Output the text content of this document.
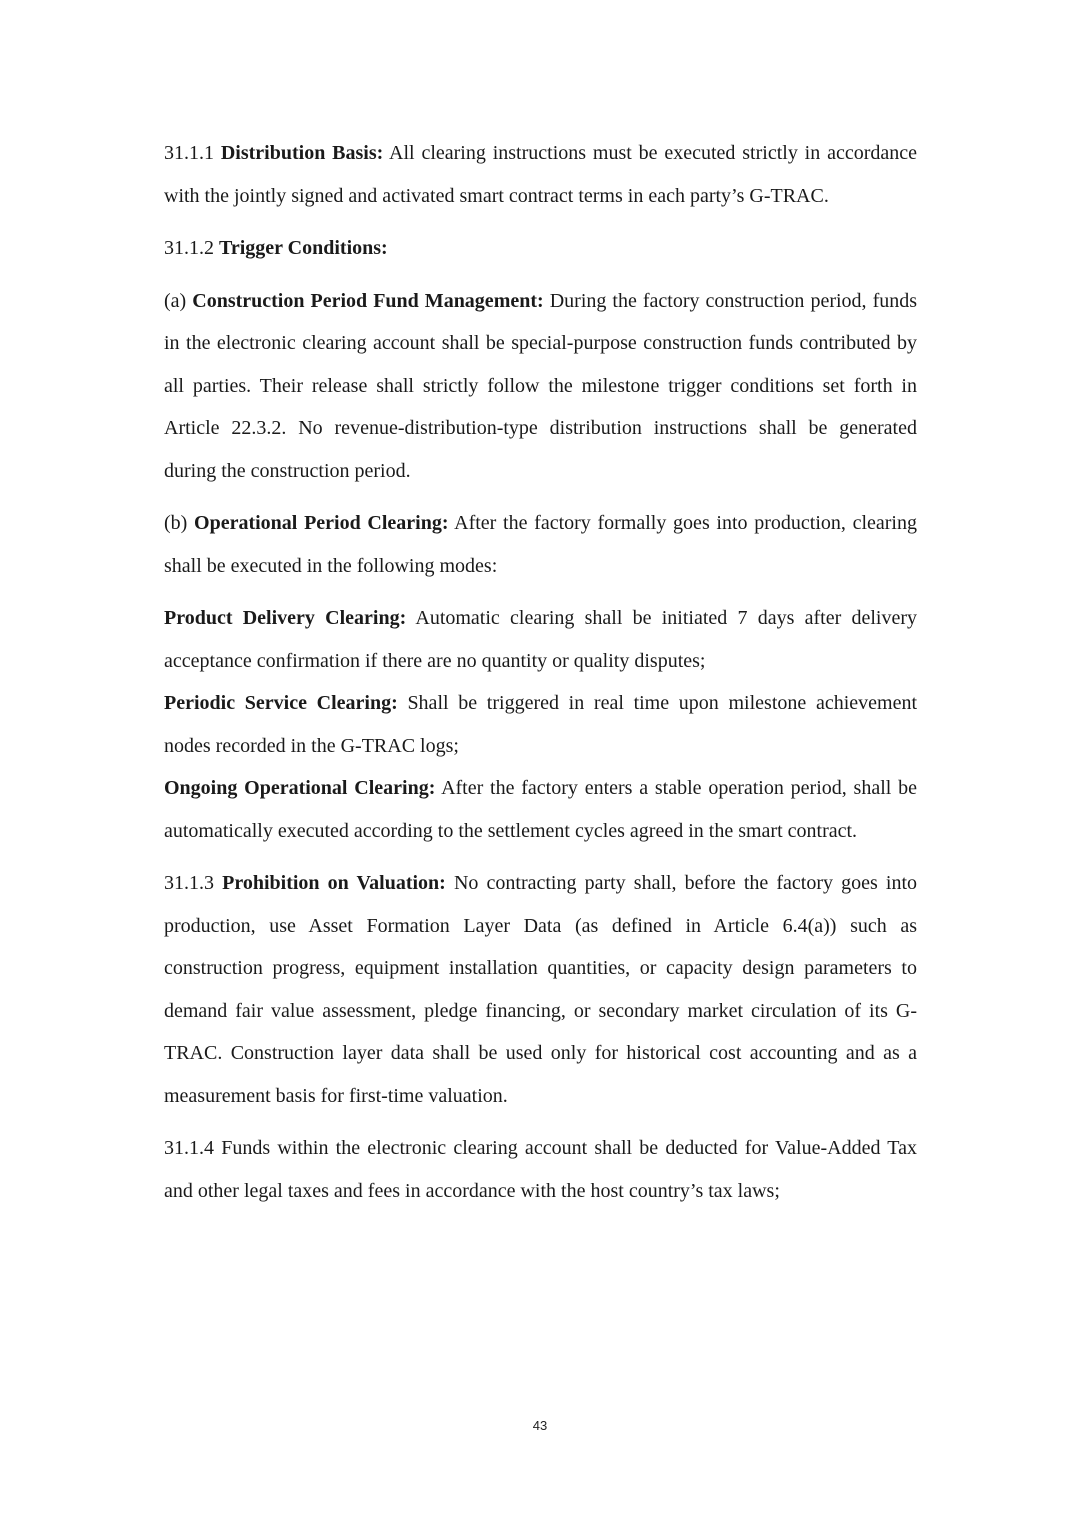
31.1.1 Distribution Basis: All clearing instructions must be executed strictly in accordance with the jointly signed and activated smart contract terms in each party’s G-TRAC.

31.1.2 Trigger Conditions:

(a) Construction Period Fund Management: During the factory construction period, funds in the electronic clearing account shall be special-purpose construction funds contributed by all parties. Their release shall strictly follow the milestone trigger conditions set forth in Article 22.3.2. No revenue-distribution-type distribution instructions shall be generated during the construction period.

(b) Operational Period Clearing: After the factory formally goes into production, clearing shall be executed in the following modes:

Product Delivery Clearing: Automatic clearing shall be initiated 7 days after delivery acceptance confirmation if there are no quantity or quality disputes;

Periodic Service Clearing: Shall be triggered in real time upon milestone achievement nodes recorded in the G-TRAC logs;

Ongoing Operational Clearing: After the factory enters a stable operation period, shall be automatically executed according to the settlement cycles agreed in the smart contract.

31.1.3 Prohibition on Valuation: No contracting party shall, before the factory goes into production, use Asset Formation Layer Data (as defined in Article 6.4(a)) such as construction progress, equipment installation quantities, or capacity design parameters to demand fair value assessment, pledge financing, or secondary market circulation of its G-TRAC. Construction layer data shall be used only for historical cost accounting and as a measurement basis for first-time valuation.

31.1.4 Funds within the electronic clearing account shall be deducted for Value-Added Tax and other legal taxes and fees in accordance with the host country’s tax laws;

43
